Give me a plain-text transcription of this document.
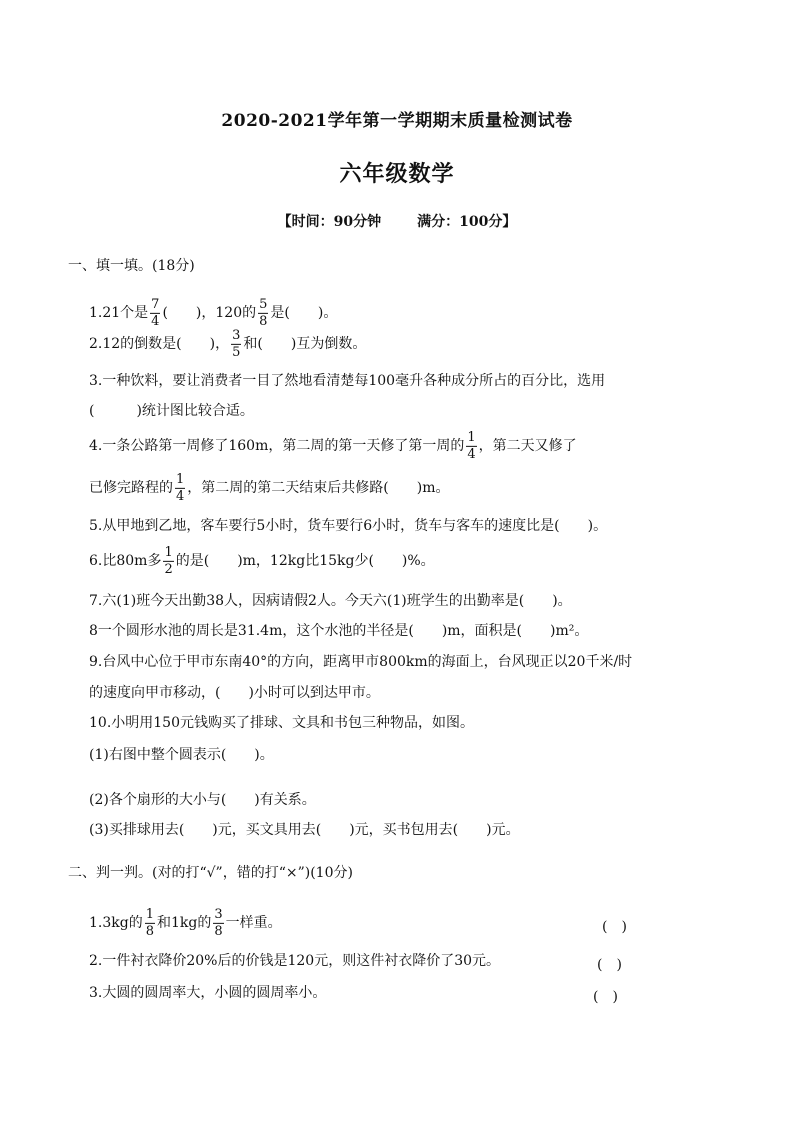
2020-2021学年第一学期期末质量检测试卷
六年级数学
【时间：90分钟	满分：100分】
一、填一填。(18分)
1.21个是 $\frac{7}{4}$ (　　)，120的 $\frac{5}{8}$ 是(　　)。
2.12的倒数是(　　)， $\frac{3}{5}$ 和(　　)互为倒数。
3.一种饮料，要让消费者一目了然地看清楚每100毫升各种成分所占的百分比，选用
(　　　)统计图比较合适。
4.一条公路第一周修了160m，第二周的第一天修了第一周的 $\frac{1}{4}$ ，第二天又修了
已修完路程的 $\frac{1}{4}$ ，第二周的第二天结束后共修路(　　)m。
5.从甲地到乙地，客车要行5小时，货车要行6小时，货车与客车的速度比是(　　)。
6.比80m多 $\frac{1}{2}$ 的是(　　)m，12kg比15kg少(　　)%。
7.六(1)班今天出勤38人，因病请假2人。今天六(1)班学生的出勤率是(　　)。
8一个圆形水池的周长是31.4m，这个水池的半径是(　　)m，面积是(　　)m²。
9.台风中心位于甲市东南40°的方向，距离甲市800km的海面上，台风现正以20千米/时
的速度向甲市移动，(　　)小时可以到达甲市。
10.小明用150元钱购买了排球、文具和书包三种物品，如图。
(1)右图中整个圆表示(　　)。
(2)各个扇形的大小与(　　)有关系。
(3)买排球用去(　　)元，买文具用去(　　)元，买书包用去(　　)元。
二、判一判。(对的打“√”，错的打“×”)(10分)
1.3kg的 $\frac{1}{8}$ 和1kg的 $\frac{3}{8}$ 一样重。	(　)
2.一件衬衣降价20%后的价钱是120元，则这件衬衣降价了30元。	(　)
3.大圆的圆周率大，小圆的圆周率小。	(　)
